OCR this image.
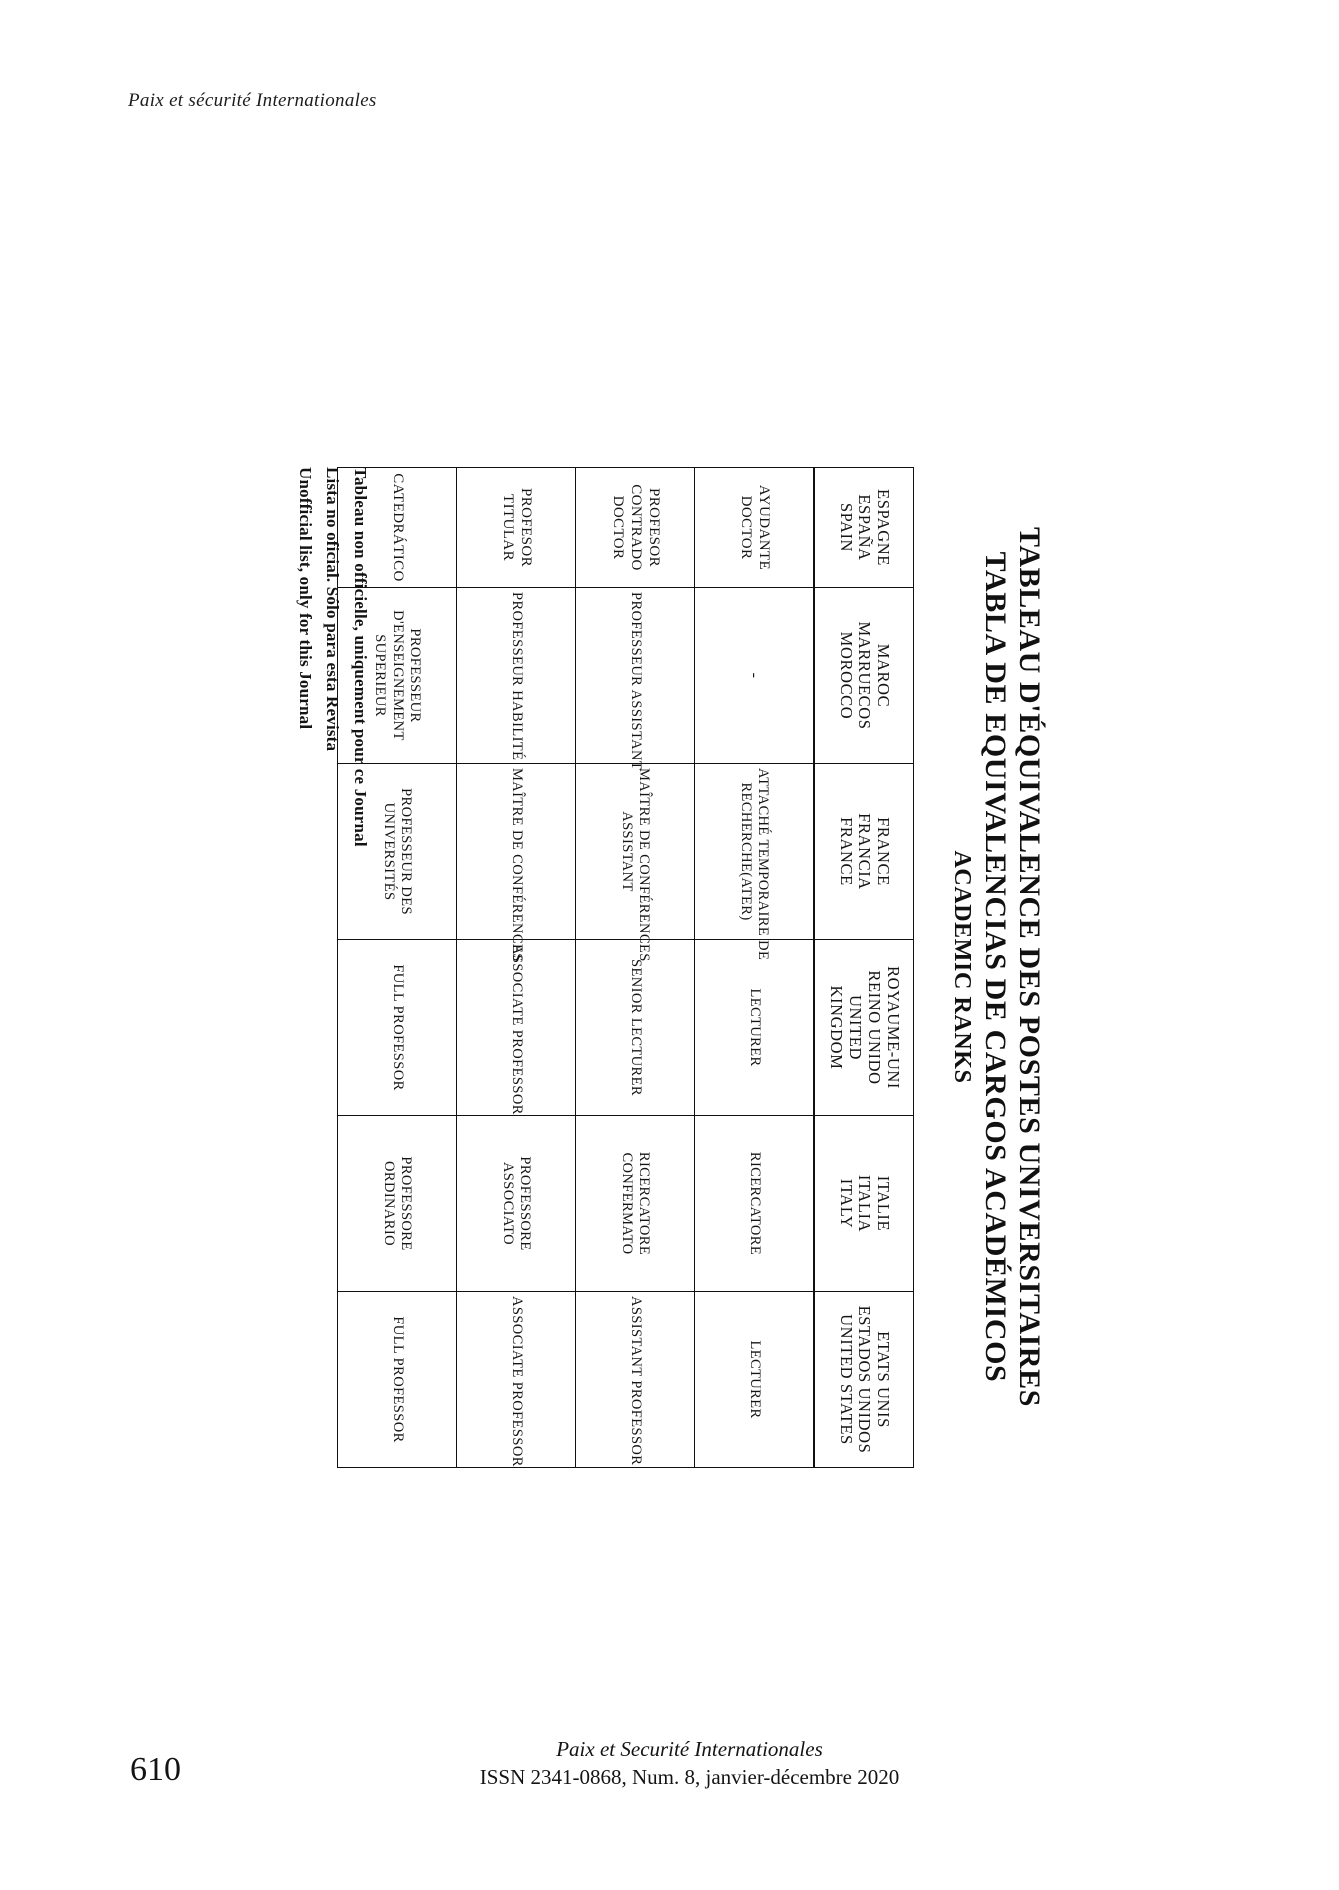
Paix et sécurité Internationales
TABLEAU D'ÉQUIVALENCE DES POSTES UNIVERSITAIRES
TABLA DE EQUIVALENCIAS DE CARGOS ACADÉMICOS
ACADEMIC RANKS
ESPAGNE
ESPAÑA
SPAIN	MAROC
MARRUECOS
MOROCCO	FRANCE
FRANCIA
FRANCE	ROYAUME-UNI
REINO UNIDO
UNITED
KINGDOM	ITALIE
ITALIA
ITALY	ETATS UNIS
ESTADOS UNIDOS
UNITED STATES

AYUDANTE
DOCTOR	-	ATTACHÉ TEMPORAIRE DE
RECHERCHE(ATER)	LECTURER	RICERCATORE	LECTURER

PROFESOR
CONTRADO
DOCTOR	PROFESSEUR ASSISTANT	MAÎTRE DE CONFÉRENCES
ASSISTANT	SENIOR LECTURER	RICERCATORE
CONFERMATO	ASSISTANT PROFESSOR

PROFESOR
TITULAR	PROFESSEUR HABILITÉ	MAÎTRE DE CONFÉRENCES	ASSOCIATE PROFESSOR	PROFESSORE
ASSOCIATO	ASSOCIATE PROFESSOR

CATEDRÁTICO	PROFESSEUR
D'ENSEIGNEMENT
SUPERIEUR	PROFESSEUR DES
UNIVERSITÉS	FULL PROFESSOR	PROFESSORE
ORDINARIO	FULL PROFESSOR
Tableau non officielle, uniquement pour ce Journal
Lista no oficial. Sólo para esta Revista
Unofficial list, only for this Journal
610
Paix et Securité Internationales
ISSN 2341-0868, Num. 8, janvier-décembre 2020
